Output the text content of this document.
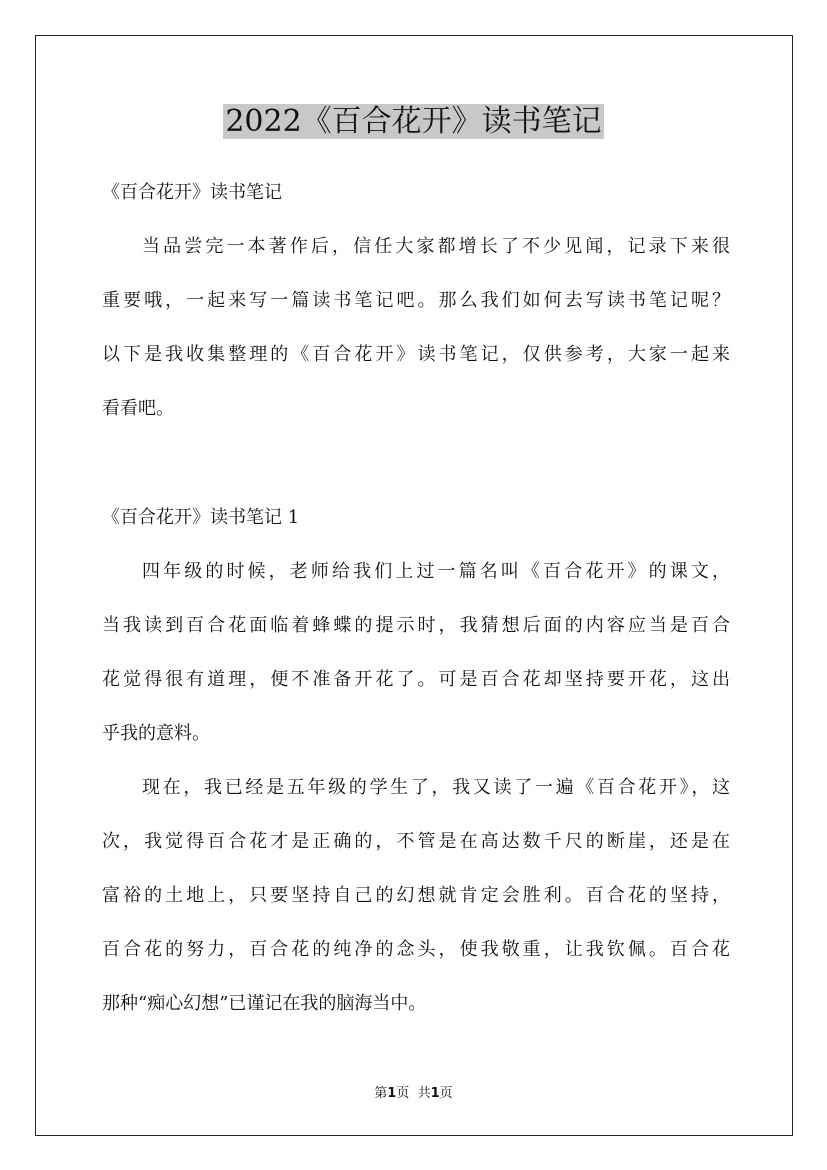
2022《百合花开》读书笔记
《百合花开》读书笔记
当品尝完一本著作后，信任大家都增长了不少见闻，记录下来很
重要哦，一起来写一篇读书笔记吧。那么我们如何去写读书笔记呢？
以下是我收集整理的《百合花开》读书笔记，仅供参考，大家一起来
看看吧。
《百合花开》读书笔记 1
四年级的时候，老师给我们上过一篇名叫《百合花开》的课文，
当我读到百合花面临着蜂蝶的提示时，我猜想后面的内容应当是百合
花觉得很有道理，便不准备开花了。可是百合花却坚持要开花，这出
乎我的意料。
现在，我已经是五年级的学生了，我又读了一遍《百合花开》，这
次，我觉得百合花才是正确的，不管是在高达数千尺的断崖，还是在
富裕的土地上，只要坚持自己的幻想就肯定会胜利。百合花的坚持，
百合花的努力，百合花的纯净的念头，使我敬重，让我钦佩。百合花
那种“痴心幻想”已谨记在我的脑海当中。
第1页 共1页
